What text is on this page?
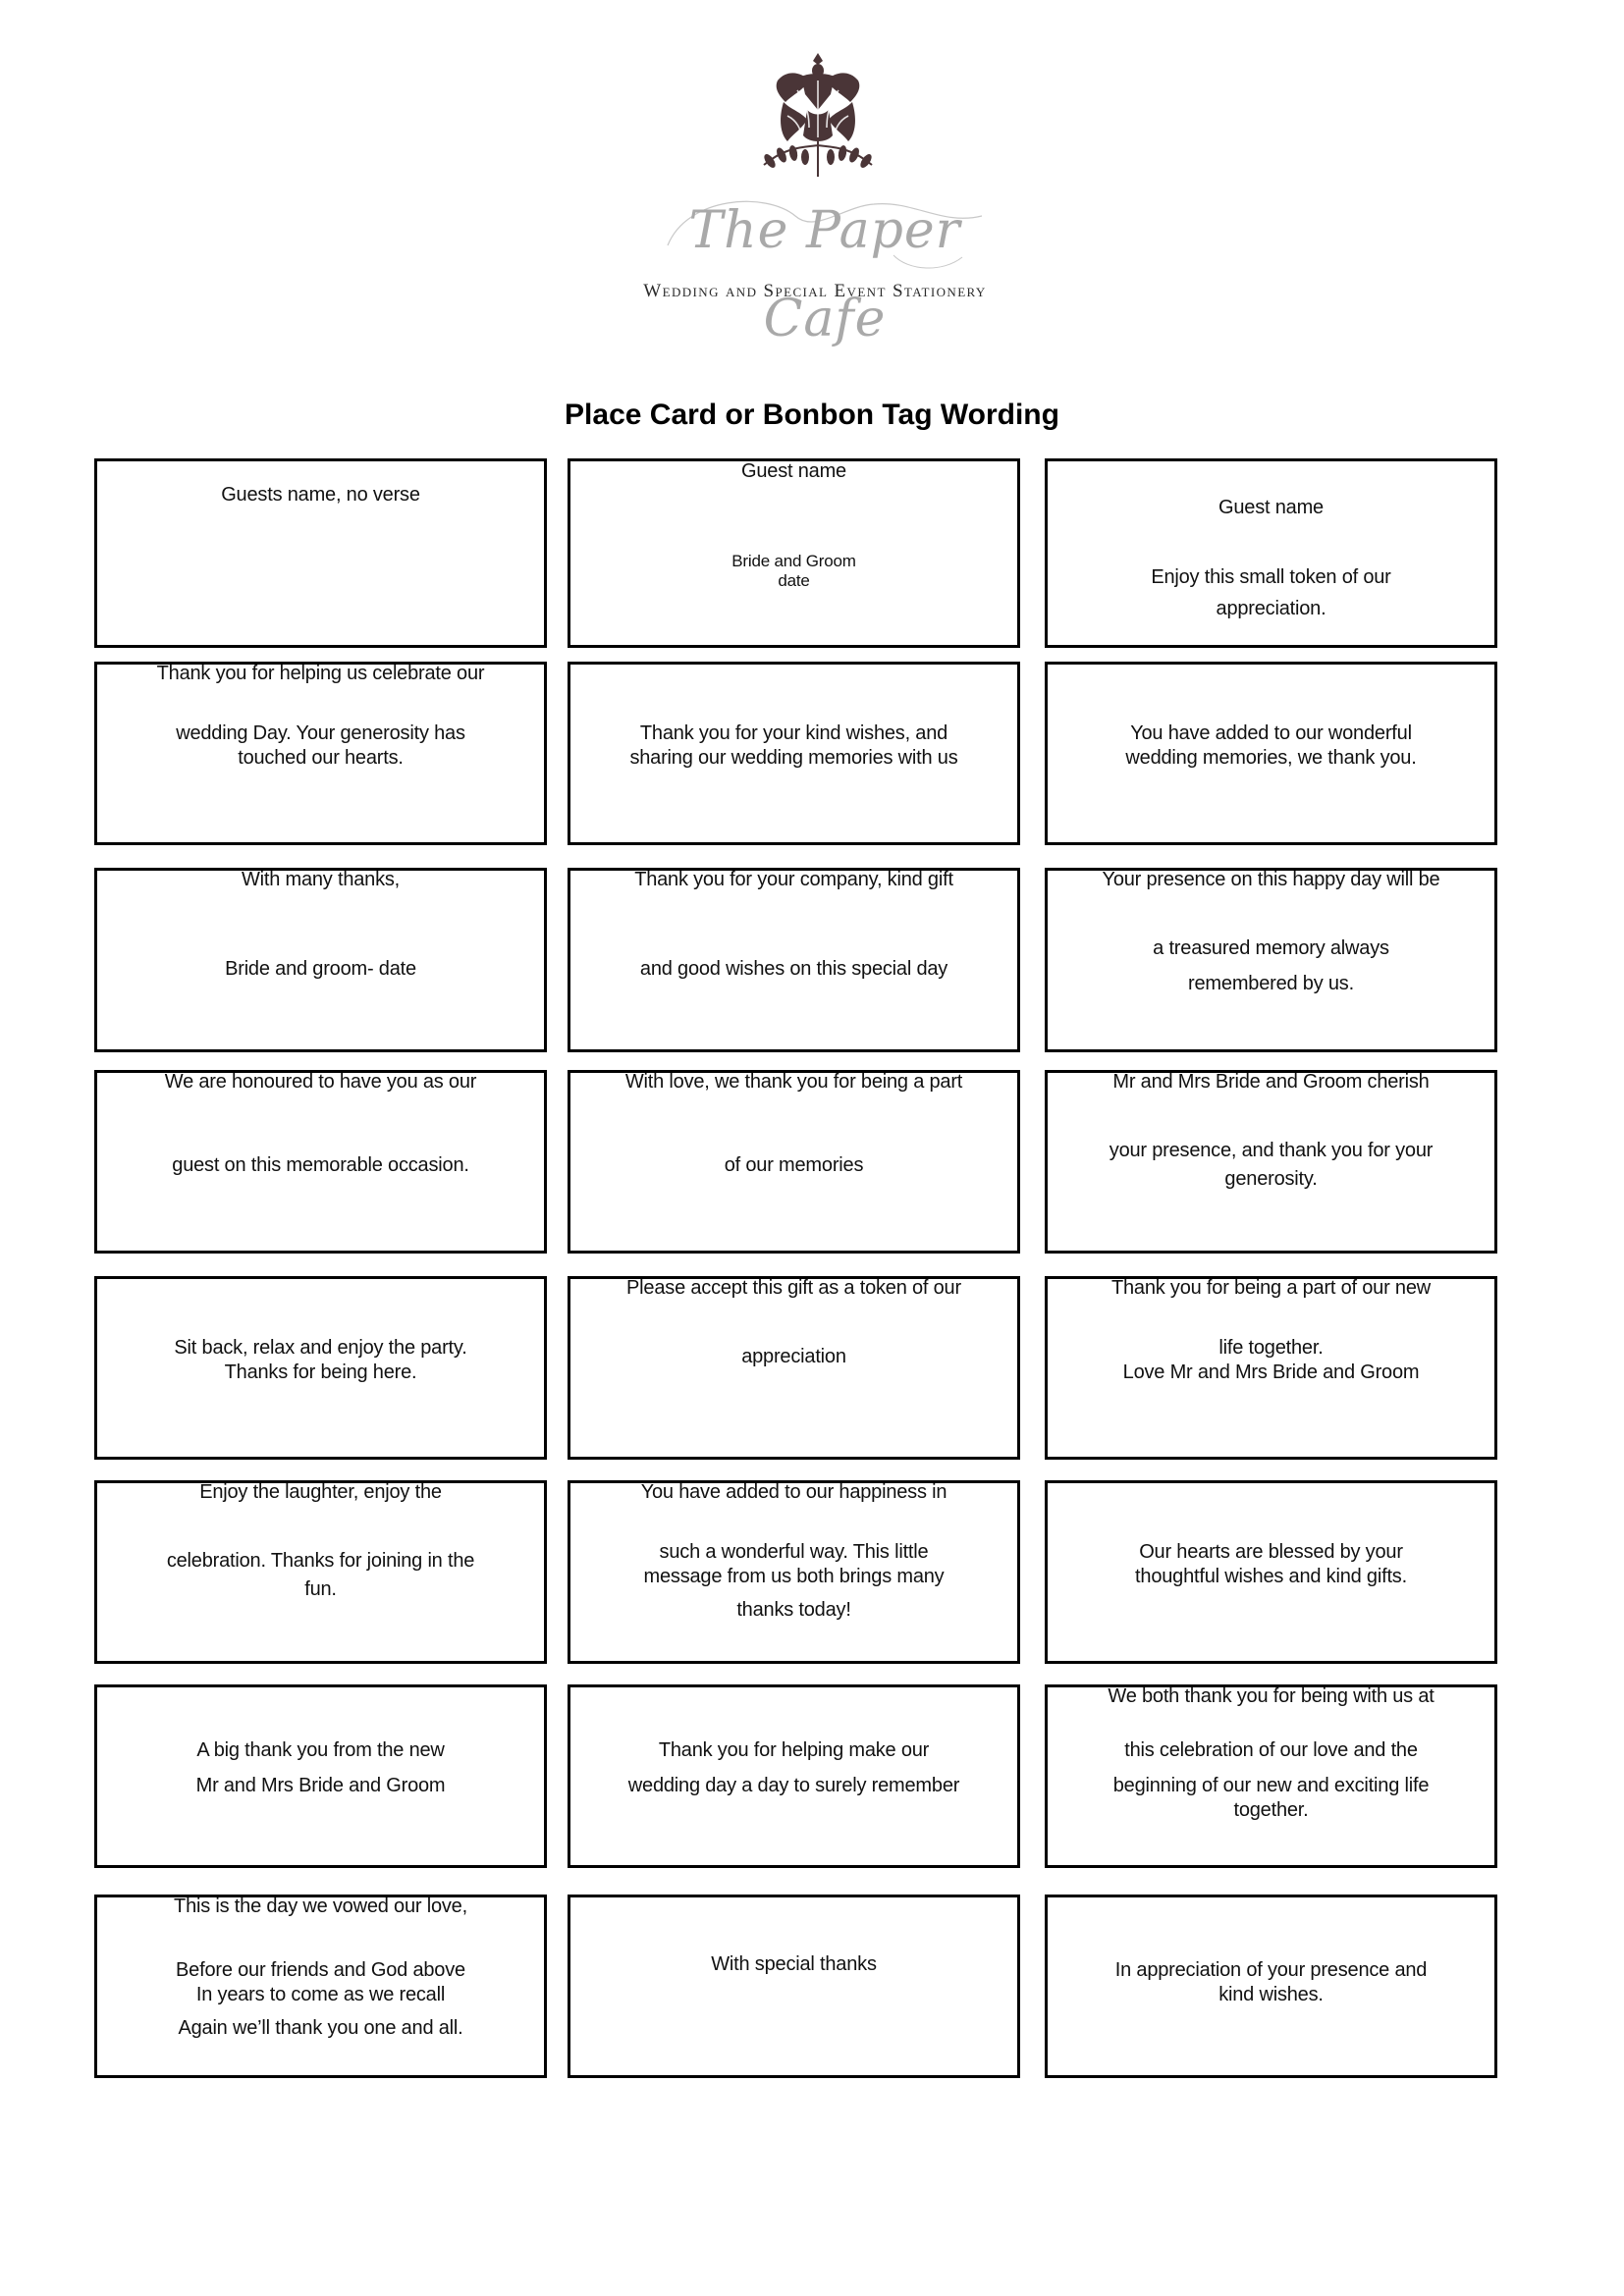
The Paper Cafe
Wedding and Special Event Stationery
Place Card or Bonbon Tag Wording
Guests name, no verse
Guest name
Bride and Groom
date
Guest name
Enjoy this small token of our
appreciation.
Thank you for helping us celebrate our
wedding Day. Your generosity has
touched our hearts.
Thank you for your kind wishes, and
sharing our wedding memories with us
You have added to our wonderful
wedding memories, we thank you.
With many thanks,
Bride and groom- date
Thank you for your company, kind gift
and good wishes on this special day
Your presence on this happy day will be
a treasured memory always
remembered by us.
We are honoured to have you as our
guest on this memorable occasion.
With love, we thank you for being a part
of our memories
Mr and Mrs Bride and Groom cherish
your presence, and thank you for your
generosity.
Sit back, relax and enjoy the party.
Thanks for being here.
Please accept this gift as a token of our
appreciation
Thank you for being a part of our new
life together.
Love Mr and Mrs Bride and Groom
Enjoy the laughter, enjoy the
celebration. Thanks for joining in the
fun.
You have added to our happiness in
such a wonderful way. This little
message from us both brings many
thanks today!
Our hearts are blessed by your
thoughtful wishes and kind gifts.
A big thank you from the new
Mr and Mrs Bride and Groom
Thank you for helping make our
wedding day a day to surely remember
We both thank you for being with us at
this celebration of our love and the
beginning of our new and exciting life
together.
This is the day we vowed our love,
Before our friends and God above
In years to come as we recall
Again we’ll thank you one and all.
With special thanks	In appreciation of your presence and
kind wishes.
